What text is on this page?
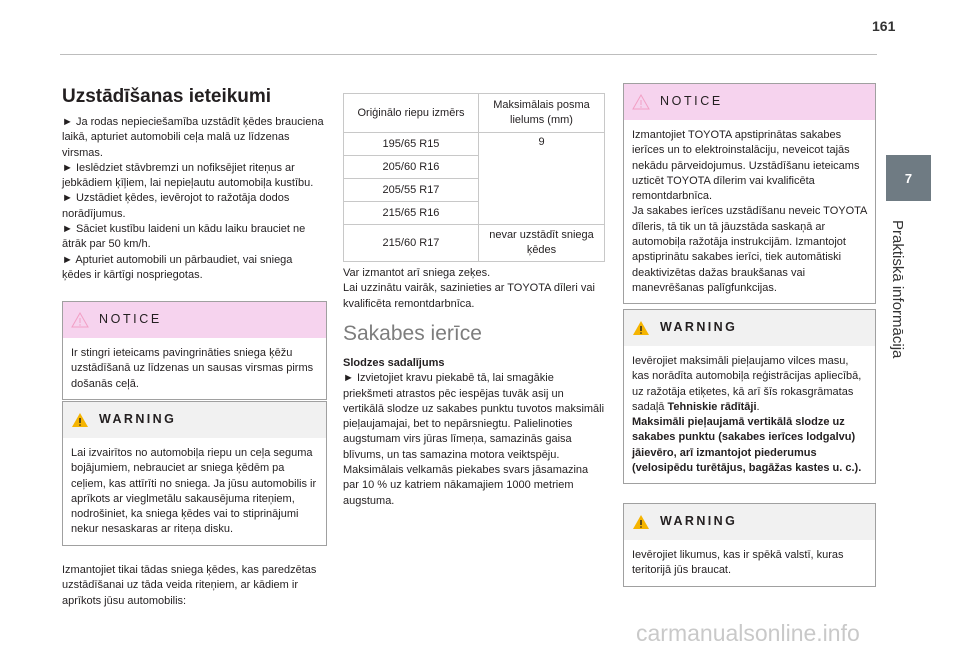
161
7
Praktiskā informācija

Uzstādīšanas ieteikumi

► Ja rodas nepieciešamība uzstādīt ķēdes brauciena laikā, apturiet automobili ceļa malā uz līdzenas virsmas.

► Ieslēdziet stāvbremzi un nofiksējiet riteņus ar jebkādiem ķīļiem, lai nepieļautu automobiļa kustību.

► Uzstādiet ķēdes, ievērojot to ražotāja dodos norādījumus.

► Sāciet kustību laideni un kādu laiku brauciet ne ātrāk par 50 km/h.

► Apturiet automobili un pārbaudiet, vai sniega ķēdes ir kārtīgi nospriegotas.

NOTICE
Ir stingri ieteicams pavingrināties sniega ķēžu uzstādīšanā uz līdzenas un sausas virsmas pirms došanās ceļā.
WARNING
Lai izvairītos no automobiļa riepu un ceļa seguma bojājumiem, nebrauciet ar sniega ķēdēm pa ceļiem, kas attīrīti no sniega. Ja jūsu automobilis ir aprīkots ar vieglmetālu sakausējuma riteņiem, nodrošiniet, ka sniega ķēdes vai to stiprinājumi nekur nesaskaras ar riteņa disku.
Izmantojiet tikai tādas sniega ķēdes, kas paredzētas uzstādīšanai uz tāda veida riteņiem, ar kādiem ir aprīkots jūsu automobilis:
Oriģinālo riepu izmērs	Maksimālais posma lielums (mm)
195/65 R15	9
205/60 R16	
205/55 R17	
215/65 R16	
215/60 R17	nevar uzstādīt sniega ķēdes
Var izmantot arī sniega zeķes.
Lai uzzinātu vairāk, sazinieties ar TOYOTA dīleri vai kvalificēta remontdarbnīca.

Sakabes ierīce

Slodzes sadalījums

► Izvietojiet kravu piekabē tā, lai smagākie priekšmeti atrastos pēc iespējas tuvāk asij un vertikālā slodze uz sakabes punktu tuvotos maksimāli pieļaujamajai, bet to nepārsniegtu. Palielinoties augstumam virs jūras līmeņa, samazinās gaisa blīvums, un tas samazina motora veiktspēju. Maksimālais velkamās piekabes svars jāsamazina par 10 % uz katriem nākamajiem 1000 metriem augstuma.

NOTICE
Izmantojiet TOYOTA apstiprinātas sakabes ierīces un to elektroinstalāciju, neveicot tajās nekādu pārveidojumus. Uzstādīšanu ieteicams uzticēt TOYOTA dīlerim vai kvalificēta remontdarbnīca.
Ja sakabes ierīces uzstādīšanu neveic TOYOTA dīleris, tā tik un tā jāuzstāda saskaņā ar automobiļa ražotāja instrukcijām. Izmantojot apstiprinātu sakabes ierīci, tiek automātiski deaktivizētas dažas braukšanas vai manevrēšanas palīgfunkcijas.
WARNING
Ievērojiet maksimāli pieļaujamo vilces masu, kas norādīta automobiļa reģistrācijas apliecībā, uz ražotāja etiķetes, kā arī šīs rokasgrāmatas sadaļā Tehniskie rādītāji.
Maksimāli pieļaujamā vertikālā slodze uz sakabes punktu (sakabes ierīces lodgalvu) jāievēro, arī izmantojot piederumus (velosipēdu turētājus, bagāžas kastes u. c.).
WARNING
Ievērojiet likumus, kas ir spēkā valstī, kuras teritorijā jūs braucat.
carmanualsonline.info
